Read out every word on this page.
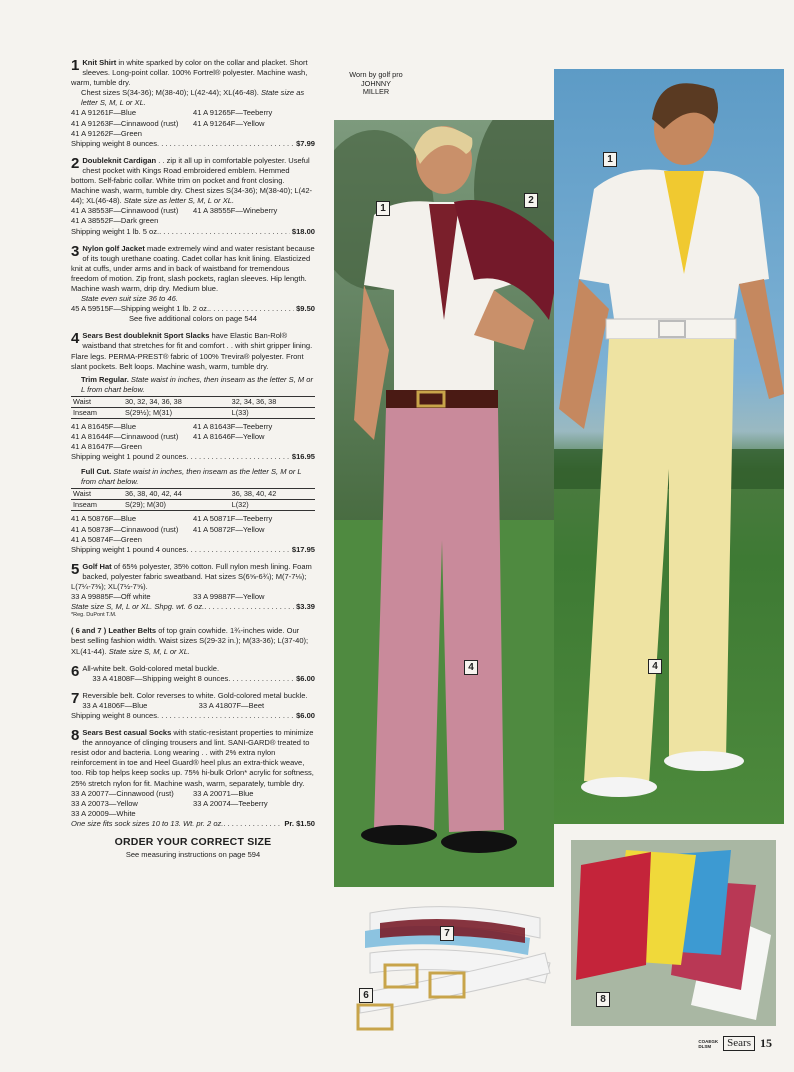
1 Knit Shirt in white sparked by color on the collar and placket. Short sleeves. Long-point collar. 100% Fortrel® polyester. Machine wash, warm, tumble dry.

Chest sizes S(34-36); M(38-40); L(42-44); XL(46-48). State size as letter S, M, L or XL.

41 A 91261F—Blue	41 A 91265F—Teeberry
41 A 91263F—Cinnawood (rust)	41 A 91264F—Yellow
41 A 91262F—Green
Shipping weight 8 ounces . . .	$7.99

2 Doubleknit Cardigan . . zip it all up in comfortable polyester. Useful chest pocket with Kings Road embroidered emblem. Hemmed bottom. Self-fabric collar. White trim on pocket and front closing. Machine wash, warm, tumble dry. Chest sizes S(34-36); M(38-40); L(42-44); XL(46-48). State size as letter S, M, L or XL.

41 A 38553F—Cinnawood (rust)	41 A 38555F—Wineberry
41 A 38552F—Dark green
Shipping weight 1 lb. 5 oz. . . .	$18.00

3 Nylon golf Jacket made extremely wind and water resistant because of its tough urethane coating. Cadet collar has knit lining. Elasticized knit at cuffs, under arms and in back of waistband for tremendous freedom of motion. Zip front, slash pockets, raglan sleeves. Hip length. Machine wash warm, drip dry. Medium blue.

State even suit size 36 to 46.

45 A 59515F—Shipping weight 1 lb. 2 oz. . . .	$9.50

See five additional colors on page 544

4 Sears Best doubleknit Sport Slacks have Elastic Ban-Rol® waistband that stretches for fit and comfort . . with shirt gripper lining. Flare legs. PERMA-PREST® fabric of 100% Trevira® polyester. Front slant pockets. Belt loops. Machine wash, warm, tumble dry.

Trim Regular. State waist in inches, then inseam as the letter S, M or L from chart below.

Waist	30, 32, 34, 36, 38	32, 34, 36, 38
Inseam	S(29½); M(31)	L(33)
41 A 81645F—Blue	41 A 81643F—Teeberry
41 A 81644F—Cinnawood (rust)	41 A 81646F—Yellow
41 A 81647F—Green
Shipping weight 1 pound 2 ounces . . .	$16.95

Full Cut. State waist in inches, then inseam as the letter S, M or L from chart below.

Waist	36, 38, 40, 42, 44	36, 38, 40, 42
Inseam	S(29); M(30)	L(32)
41 A 50876F—Blue	41 A 50871F—Teeberry
41 A 50873F—Cinnawood (rust)	41 A 50872F—Yellow
41 A 50874F—Green
Shipping weight 1 pound 4 ounces . . .	$17.95

5 Golf Hat of 65% polyester, 35% cotton. Full nylon mesh lining. Foam backed, polyester fabric sweatband. Hat sizes S(6⅝-6¾); M(7-7⅛); L(7¼-7⅜); XL(7½-7⅝).

33 A 99885F—Off white	33 A 99887F—Yellow
State size S, M, L or XL. Shpg. wt. 6 oz. . . .	$3.39

*Reg. DuPont T.M.

( 6 and 7 ) Leather Belts of top grain cowhide. 1¾-inches wide. Our best selling fashion width. Waist sizes S(29-32 in.); M(33-36); L(37-40); XL(41-44). State size S, M, L or XL.

6 All-white belt. Gold-colored metal buckle.

33 A 41808F—Shipping weight 8 ounces . . .	$6.00

7 Reversible belt. Color reverses to white. Gold-colored metal buckle.

33 A 41806F—Blue	33 A 41807F—Beet
Shipping weight 8 ounces . . .	$6.00

8 Sears Best casual Socks with static-resistant properties to minimize the annoyance of clinging trousers and lint. SANI-GARD® treated to resist odor and bacteria. Long wearing . . with 2% extra nylon reinforcement in toe and Heel Guard® heel plus an extra-thick weave, too. Rib top helps keep socks up. 75% hi-bulk Orlon* acrylic for softness, 25% stretch nylon for fit. Machine wash, warm, separately, tumble dry.

33 A 20077—Cinnawood (rust)	33 A 20071—Blue
33 A 20073—Yellow	33 A 20074—Teeberry
33 A 20009—White
One size fits sock sizes 10 to 13. Wt. pr. 2 oz. . . .	Pr. $1.50
ORDER YOUR CORRECT SIZE
See measuring instructions on page 594
Worn by golf pro
JOHNNY
MILLER
1
2
4
1
4
7
6	8
COAEGK
DLSM	Sears 15
